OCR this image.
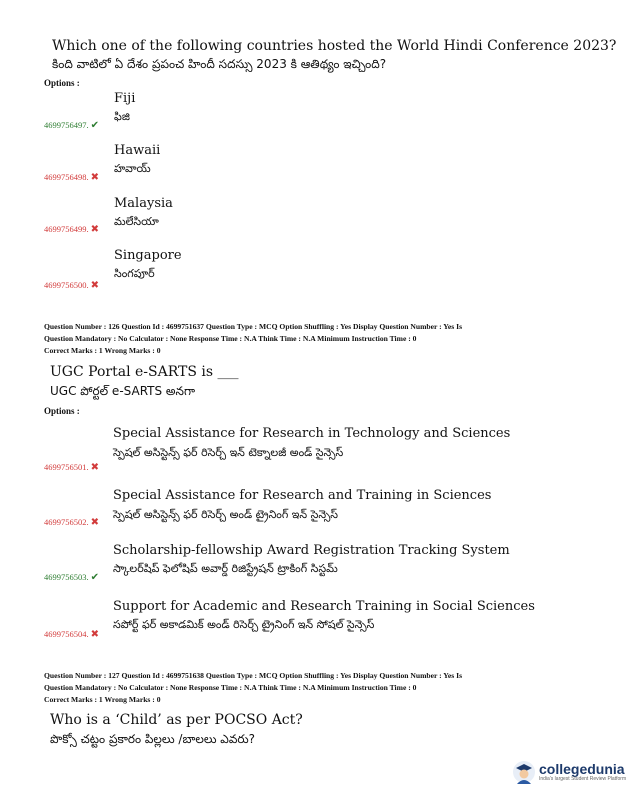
Which one of the following countries hosted the World Hindi Conference 2023?
కింది వాటిలో ఏ దేశం ప్రపంచ హిందీ సదస్సు 2023 కి ఆతిథ్యం ఇచ్చింది?
Options :
Fiji
ఫిజి
4699756497. ✔
Hawaii
హవాయ్
4699756498. ✖
Malaysia
మలేసియా
4699756499. ✖
Singapore
సింగపూర్
4699756500. ✖
Question Number : 126 Question Id : 4699751637 Question Type : MCQ Option Shuffling : Yes Display Question Number : Yes Is
Question Mandatory : No Calculator : None Response Time : N.A Think Time : N.A Minimum Instruction Time : 0
Correct Marks : 1 Wrong Marks : 0
UGC Portal e-SARTS is ___
UGC పోర్టల్ e-SARTS అనగా
Options :
Special Assistance for Research in Technology and Sciences
స్పెషల్ అసిస్టెన్స్ ఫర్ రిసెర్చ్ ఇన్ టెక్నాలజీ అండ్ సైన్సెస్
4699756501. ✖
Special Assistance for Research and Training in Sciences
స్పెషల్ అసిస్టెన్స్ ఫర్ రిసెర్చ్ అండ్ ట్రైనింగ్ ఇన్ సైన్సెస్
4699756502. ✖
Scholarship-fellowship Award Registration Tracking System
స్కాలర్‌షిప్ ఫెలోషిప్ అవార్డ్ రిజిస్ట్రేషన్ ట్రాకింగ్ సిస్టమ్
4699756503. ✔
Support for Academic and Research Training in Social Sciences
సపోర్ట్ ఫర్ అకాడమిక్ అండ్ రిసెర్చ్ ట్రైనింగ్ ఇన్ సోషల్ సైన్సెస్
4699756504. ✖
Question Number : 127 Question Id : 4699751638 Question Type : MCQ Option Shuffling : Yes Display Question Number : Yes Is
Question Mandatory : No Calculator : None Response Time : N.A Think Time : N.A Minimum Instruction Time : 0
Correct Marks : 1 Wrong Marks : 0
Who is a ‘Child’ as per POCSO Act?
పొక్సో చట్టం ప్రకారం పిల్లలు /బాలలు ఎవరు?
collegedunia
India's largest Student Review Platform
